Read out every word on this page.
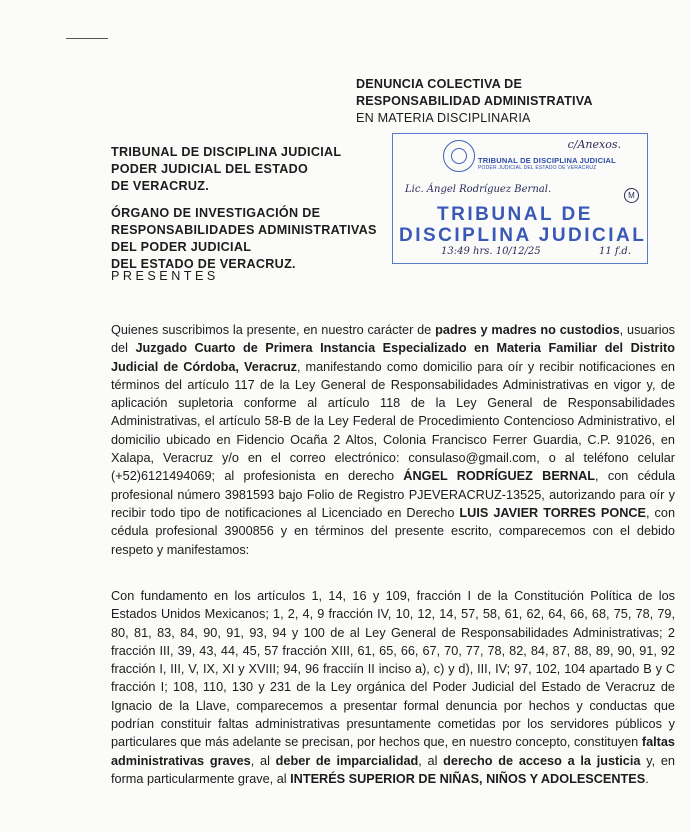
DENUNCIA COLECTIVA DE
RESPONSABILIDAD ADMINISTRATIVA
EN MATERIA DISCIPLINARIA
TRIBUNAL DE DISCIPLINA JUDICIAL
PODER JUDICIAL DEL ESTADO
DE VERACRUZ.
ÓRGANO DE INVESTIGACIÓN DE
RESPONSABILIDADES ADMINISTRATIVAS
DEL PODER JUDICIAL
DEL ESTADO DE VERACRUZ.
PRESENTES
c/Anexos.
TRIBUNAL DE DISCIPLINA JUDICIAL
PODER JUDICIAL DEL ESTADO DE VERACRUZ
Lic. Ángel Rodríguez Bernal.
M
TRIBUNAL DE
DISCIPLINA JUDICIAL
13:49 hrs. 10/12/25	11 f.d.
Quienes suscribimos la presente, en nuestro carácter de padres y madres no custodios, usuarios del Juzgado Cuarto de Primera Instancia Especializado en Materia Familiar del Distrito Judicial de Córdoba, Veracruz, manifestando como domicilio para oír y recibir notificaciones en términos del artículo 117 de la Ley General de Responsabilidades Administrativas en vigor y, de aplicación supletoria conforme al artículo 118 de la Ley General de Responsabilidades Administrativas, el artículo 58-B de la Ley Federal de Procedimiento Contencioso Administrativo, el domicilio ubicado en Fidencio Ocaña 2 Altos, Colonia Francisco Ferrer Guardia, C.P. 91026, en Xalapa, Veracruz y/o en el correo electrónico: consulaso@gmail.com, o al teléfono celular (+52)6121494069; al profesionista en derecho ÁNGEL RODRÍGUEZ BERNAL, con cédula profesional número 3981593 bajo Folio de Registro PJEVERACRUZ-13525, autorizando para oír y recibir todo tipo de notificaciones al Licenciado en Derecho LUIS JAVIER TORRES PONCE, con cédula profesional 3900856 y en términos del presente escrito, comparecemos con el debido respeto y manifestamos:
Con fundamento en los artículos 1, 14, 16 y 109, fracción I de la Constitución Política de los Estados Unidos Mexicanos; 1, 2, 4, 9 fracción IV, 10, 12, 14, 57, 58, 61, 62, 64, 66, 68, 75, 78, 79, 80, 81, 83, 84, 90, 91, 93, 94 y 100 de al Ley General de Responsabilidades Administrativas; 2 fracción III, 39, 43, 44, 45, 57 fracción XIII, 61, 65, 66, 67, 70, 77, 78, 82, 84, 87, 88, 89, 90, 91, 92 fracción I, III, V, IX, XI y XVIII; 94, 96 fracciín II inciso a), c) y d), III, IV; 97, 102, 104 apartado B y C fracción I; 108, 110, 130 y 231 de la Ley orgánica del Poder Judicial del Estado de Veracruz de Ignacio de la Llave, comparecemos a presentar formal denuncia por hechos y conductas que podrían constituir faltas administrativas presuntamente cometidas por los servidores públicos y particulares que más adelante se precisan, por hechos que, en nuestro concepto, constituyen faltas administrativas graves, al deber de imparcialidad, al derecho de acceso a la justicia y, en forma particularmente grave, al INTERÉS SUPERIOR DE NIÑAS, NIÑOS Y ADOLESCENTES.
